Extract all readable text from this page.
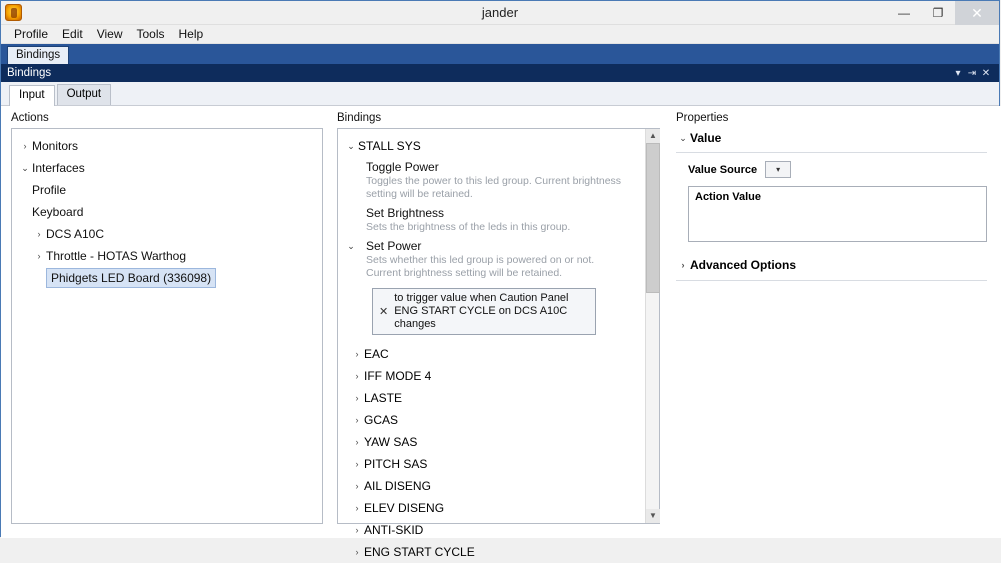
jander	—	❐	✕
Profile	Edit	View	Tools	Help
Bindings
Bindings	▾ ⇥ ✕
Input	Output
Actions
› Monitors
⌄ Interfaces
Profile
Keyboard
› DCS A10C
› Throttle - HOTAS Warthog
Phidgets LED Board (336098)
Bindings
⌄ STALL SYS
Toggle Power
Toggles the power to this led group. Current brightness setting will be retained.
Set Brightness
Sets the brightness of the leds in this group.
⌄ Set Power
Sets whether this led group is powered on or not. Current brightness setting will be retained.
✕
to trigger value when Caution Panel ENG START CYCLE on DCS A10C changes
› EAC
› IFF MODE 4
› LASTE
› GCAS
› YAW SAS
› PITCH SAS
› AIL DISENG
› ELEV DISENG
› ANTI-SKID
› ENG START CYCLE
▲
▼
Properties
⌄ Value
Value Source ▾
Action Value
› Advanced Options
